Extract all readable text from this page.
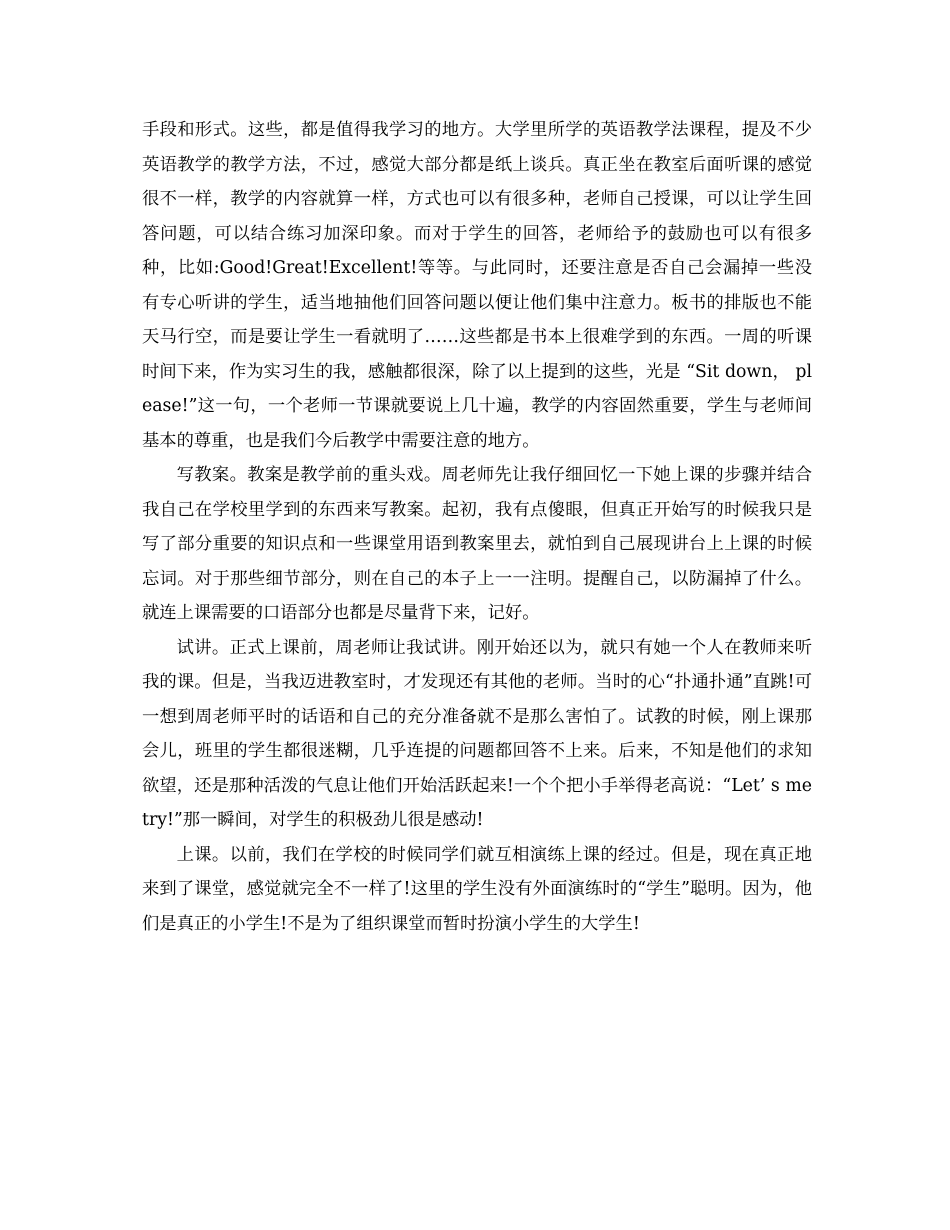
手段和形式。这些，都是值得我学习的地方。大学里所学的英语教学法课程，提及不少英语教学的教学方法，不过，感觉大部分都是纸上谈兵。真正坐在教室后面听课的感觉很不一样，教学的内容就算一样，方式也可以有很多种，老师自己授课，可以让学生回答问题，可以结合练习加深印象。而对于学生的回答，老师给予的鼓励也可以有很多种，比如:Good!Great!Excellent!等等。与此同时，还要注意是否自己会漏掉一些没有专心听讲的学生，适当地抽他们回答问题以便让他们集中注意力。板书的排版也不能天马行空，而是要让学生一看就明了……这些都是书本上很难学到的东西。一周的听课时间下来，作为实习生的我，感触都很深，除了以上提到的这些，光是 “Sit down， please!”这一句，一个老师一节课就要说上几十遍，教学的内容固然重要，学生与老师间基本的尊重，也是我们今后教学中需要注意的地方。

写教案。教案是教学前的重头戏。周老师先让我仔细回忆一下她上课的步骤并结合我自己在学校里学到的东西来写教案。起初，我有点傻眼，但真正开始写的时候我只是写了部分重要的知识点和一些课堂用语到教案里去，就怕到自己展现讲台上上课的时候忘词。对于那些细节部分，则在自己的本子上一一注明。提醒自己，以防漏掉了什么。就连上课需要的口语部分也都是尽量背下来，记好。

试讲。正式上课前，周老师让我试讲。刚开始还以为，就只有她一个人在教师来听我的课。但是，当我迈进教室时，才发现还有其他的老师。当时的心“扑通扑通”直跳!可一想到周老师平时的话语和自己的充分准备就不是那么害怕了。试教的时候，刚上课那会儿，班里的学生都很迷糊，几乎连提的问题都回答不上来。后来，不知是他们的求知欲望，还是那种活泼的气息让他们开始活跃起来!一个个把小手举得老高说：“Let’ s me try!”那一瞬间，对学生的积极劲儿很是感动!

上课。以前，我们在学校的时候同学们就互相演练上课的经过。但是，现在真正地来到了课堂，感觉就完全不一样了!这里的学生没有外面演练时的“学生”聪明。因为，他们是真正的小学生!不是为了组织课堂而暂时扮演小学生的大学生!
